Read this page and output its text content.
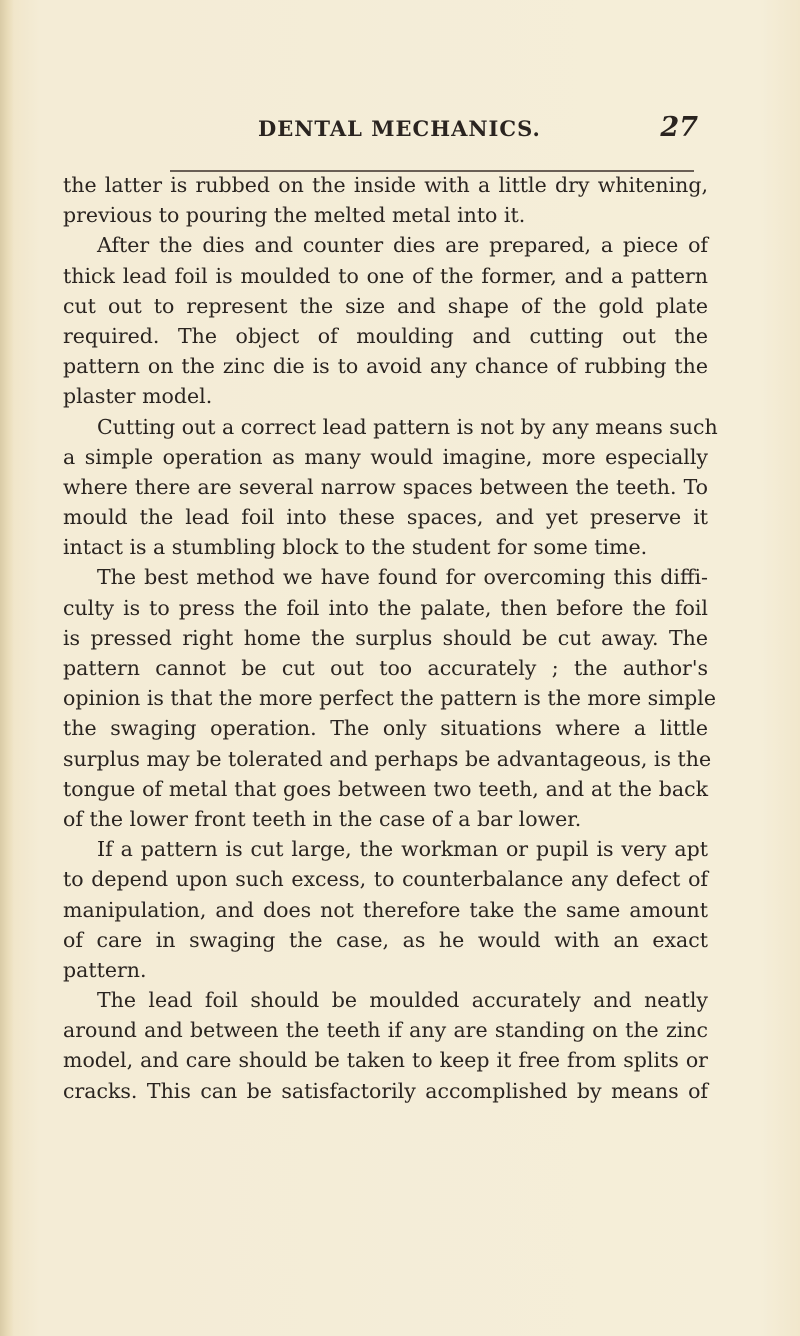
DENTAL MECHANICS.	27
the latter is rubbed on the inside with a little dry whitening,
previous to pouring the melted metal into it.
After the dies and counter dies are prepared, a piece of
thick lead foil is moulded to one of the former, and a pattern
cut out to represent the size and shape of the gold plate
required. The object of moulding and cutting out the
pattern on the zinc die is to avoid any chance of rubbing the
plaster model.
Cutting out a correct lead pattern is not by any means such
a simple operation as many would imagine, more especially
where there are several narrow spaces between the teeth. To
mould the lead foil into these spaces, and yet preserve it
intact is a stumbling block to the student for some time.
The best method we have found for overcoming this diffi-
culty is to press the foil into the palate, then before the foil
is pressed right home the surplus should be cut away. The
pattern cannot be cut out too accurately ; the author's
opinion is that the more perfect the pattern is the more simple
the swaging operation. The only situations where a little
surplus may be tolerated and perhaps be advantageous, is the
tongue of metal that goes between two teeth, and at the back
of the lower front teeth in the case of a bar lower.
If a pattern is cut large, the workman or pupil is very apt
to depend upon such excess, to counterbalance any defect of
manipulation, and does not therefore take the same amount
of care in swaging the case, as he would with an exact
pattern.
The lead foil should be moulded accurately and neatly
around and between the teeth if any are standing on the zinc
model, and care should be taken to keep it free from splits or
cracks. This can be satisfactorily accomplished by means of
